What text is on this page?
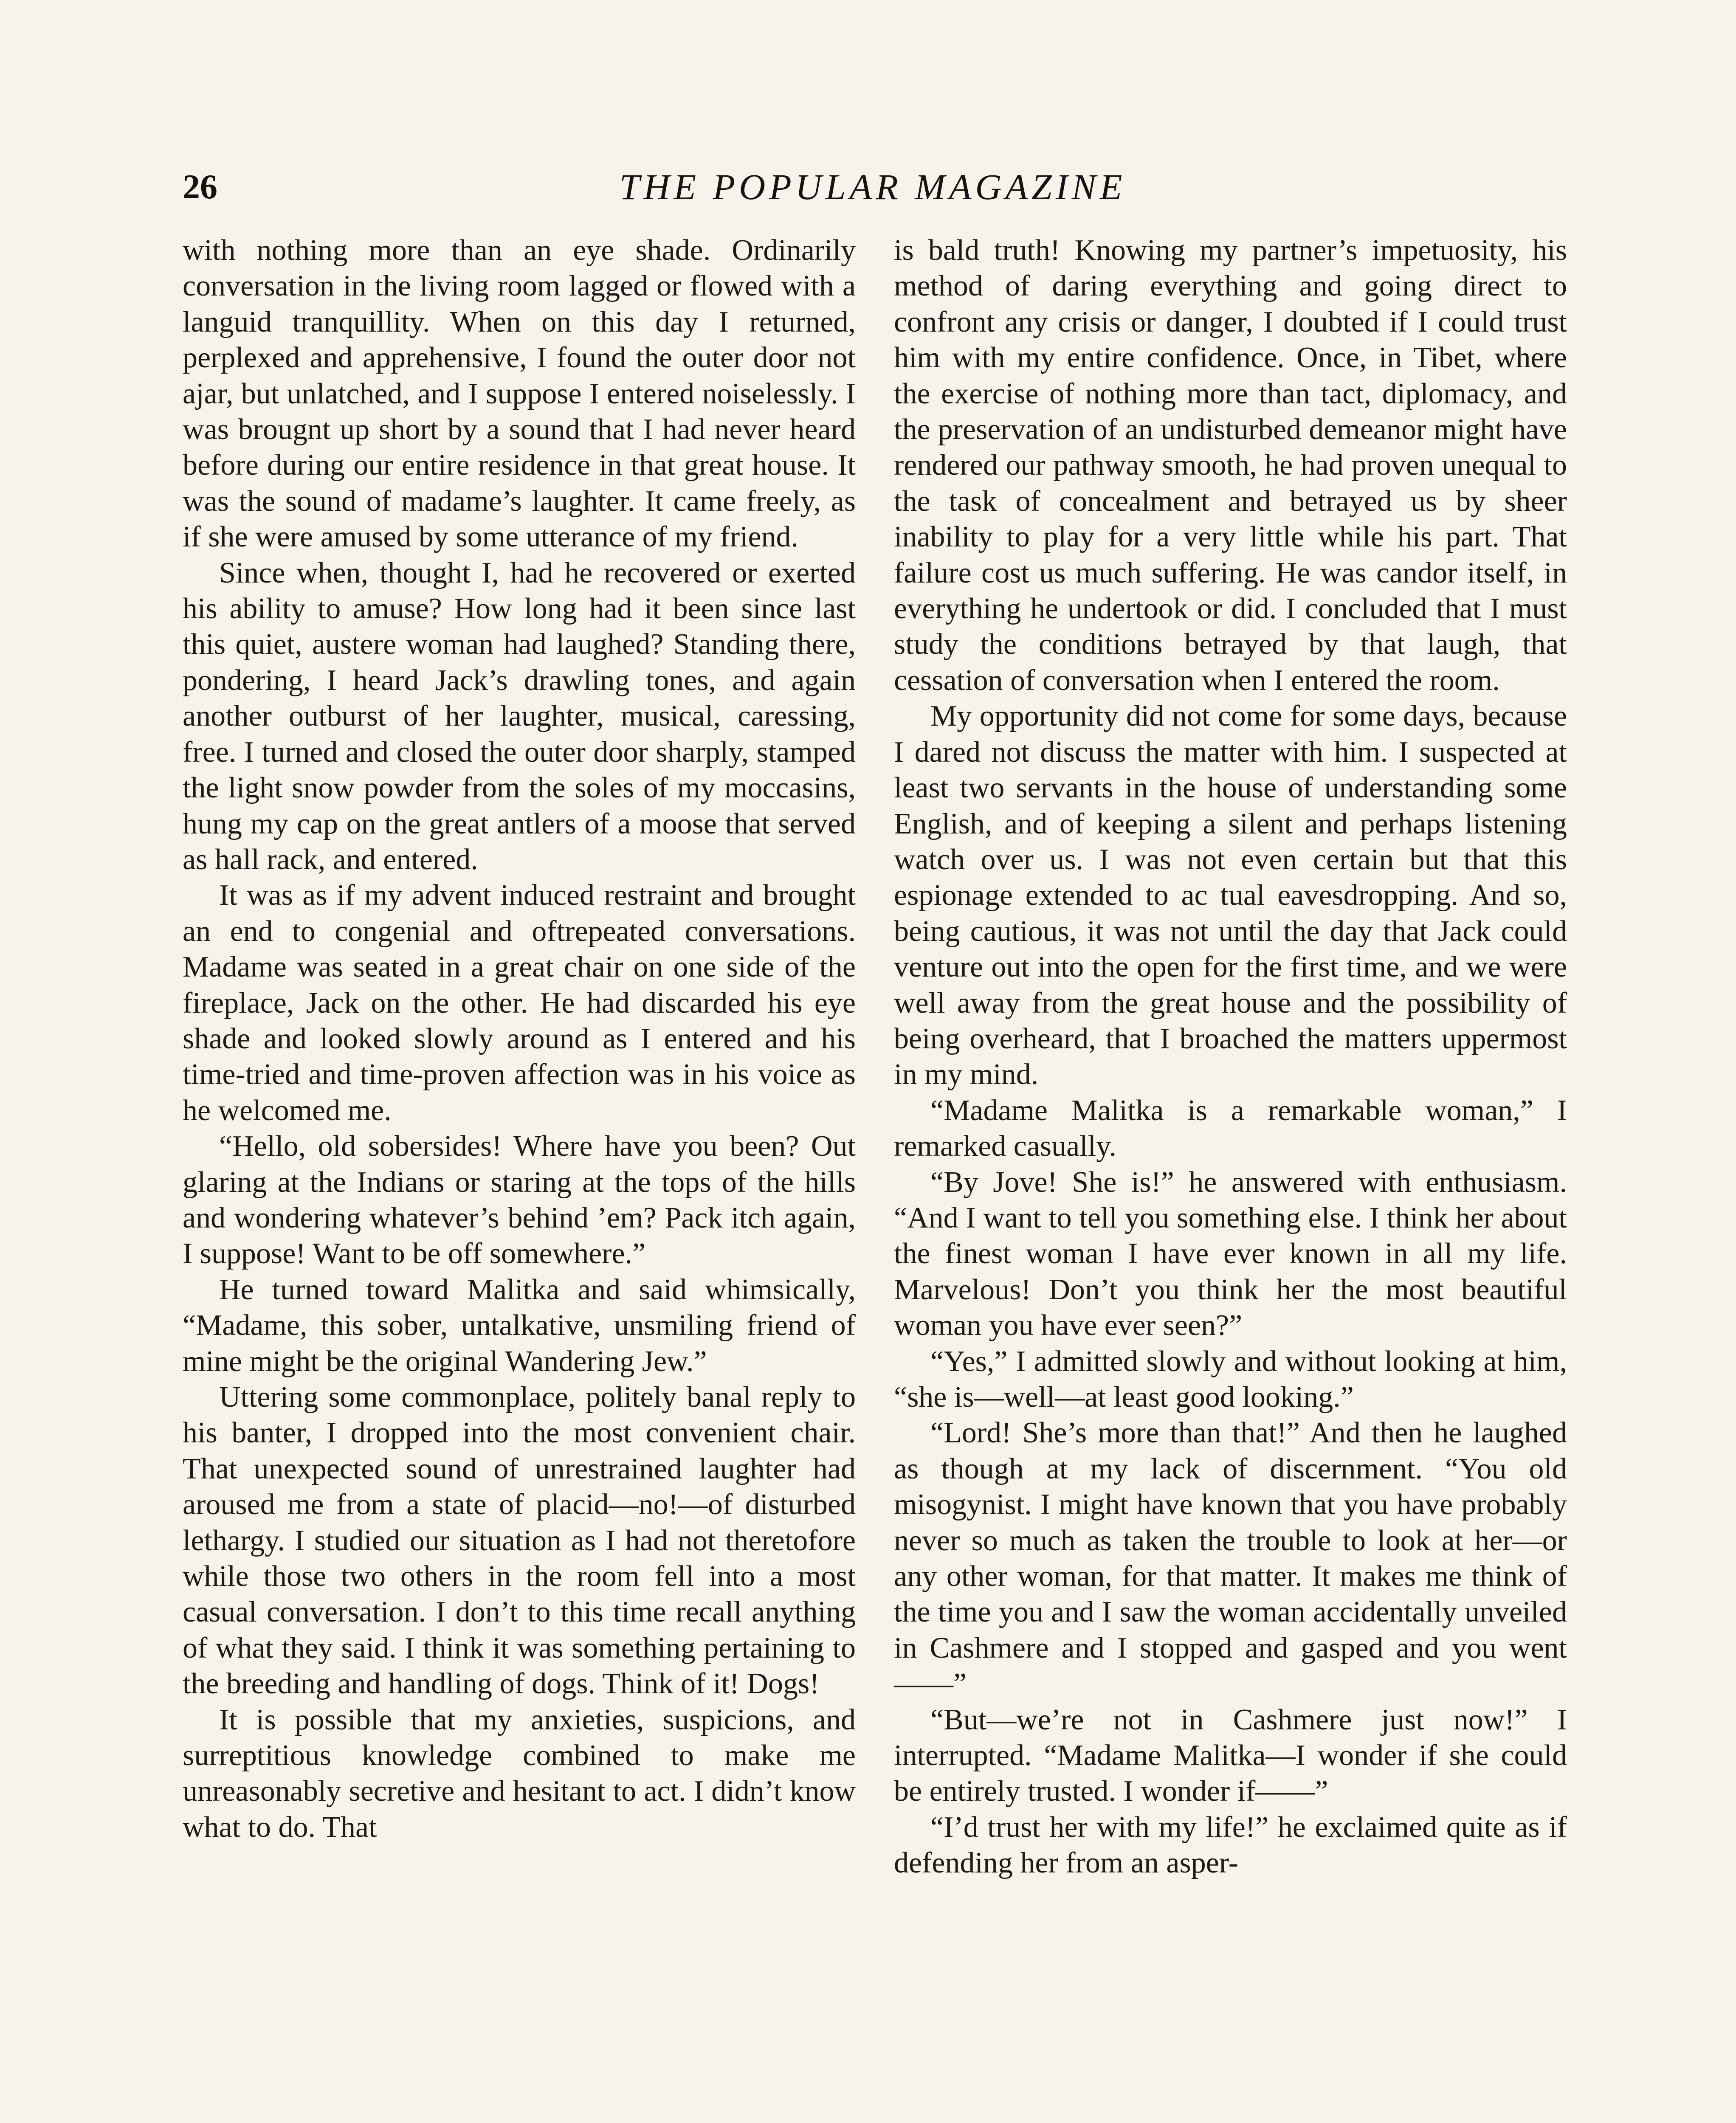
26	THE POPULAR MAGAZINE

with nothing more than an eye shade. Ordinarily conversation in the living room lagged or flowed with a languid tranquillity. When on this day I returned, perplexed and apprehensive, I found the outer door not ajar, but unlatched, and I suppose I entered noiselessly. I was brougnt up short by a sound that I had never heard before during our entire residence in that great house. It was the sound of madame’s laughter. It came freely, as if she were amused by some utterance of my friend.

Since when, thought I, had he recovered or exerted his ability to amuse? How long had it been since last this quiet, austere woman had laughed? Standing there, pondering, I heard Jack’s drawling tones, and again another outburst of her laughter, musical, caressing, free. I turned and closed the outer door sharply, stamped the light snow powder from the soles of my moccasins, hung my cap on the great antlers of a moose that served as hall rack, and entered.

It was as if my advent induced restraint and brought an end to congenial and oftrepeated conversations. Madame was seated in a great chair on one side of the fireplace, Jack on the other. He had discarded his eye shade and looked slowly around as I entered and his time-tried and time-proven affection was in his voice as he welcomed me.

“Hello, old sobersides! Where have you been? Out glaring at the Indians or staring at the tops of the hills and wondering whatever’s behind ’em? Pack itch again, I suppose! Want to be off somewhere.”

He turned toward Malitka and said whimsically, “Madame, this sober, untalkative, unsmiling friend of mine might be the original Wandering Jew.”

Uttering some commonplace, politely banal reply to his banter, I dropped into the most convenient chair. That unexpected sound of unrestrained laughter had aroused me from a state of placid—no!—of disturbed lethargy. I studied our situation as I had not theretofore while those two others in the room fell into a most casual conversation. I don’t to this time recall anything of what they said. I think it was something pertaining to the breeding and handling of dogs. Think of it! Dogs!

It is possible that my anxieties, suspicions, and surreptitious knowledge combined to make me unreasonably secretive and hesitant to act. I didn’t know what to do. That

is bald truth! Knowing my partner’s impetuosity, his method of daring everything and going direct to confront any crisis or danger, I doubted if I could trust him with my entire confidence. Once, in Tibet, where the exercise of nothing more than tact, diplomacy, and the preservation of an undisturbed demeanor might have rendered our pathway smooth, he had proven unequal to the task of concealment and betrayed us by sheer inability to play for a very little while his part. That failure cost us much suffering. He was candor itself, in everything he undertook or did. I concluded that I must study the conditions betrayed by that laugh, that cessation of conversation when I entered the room.

My opportunity did not come for some days, because I dared not discuss the matter with him. I suspected at least two servants in the house of understanding some English, and of keeping a silent and perhaps listening watch over us. I was not even certain but that this espionage extended to ac tual eavesdropping. And so, being cautious, it was not until the day that Jack could venture out into the open for the first time, and we were well away from the great house and the possibility of being overheard, that I broached the matters uppermost in my mind.

“Madame Malitka is a remarkable woman,” I remarked casually.

“By Jove! She is!” he answered with enthusiasm. “And I want to tell you something else. I think her about the finest woman I have ever known in all my life. Marvelous! Don’t you think her the most beautiful woman you have ever seen?”

“Yes,” I admitted slowly and without looking at him, “she is—well—at least good looking.”

“Lord! She’s more than that!” And then he laughed as though at my lack of discernment. “You old misogynist. I might have known that you have probably never so much as taken the trouble to look at her—or any other woman, for that matter. It makes me think of the time you and I saw the woman accidentally unveiled in Cashmere and I stopped and gasped and you went——”

“But—we’re not in Cashmere just now!” I interrupted. “Madame Malitka—I wonder if she could be entirely trusted. I wonder if——”

“I’d trust her with my life!” he exclaimed quite as if defending her from an asper-
